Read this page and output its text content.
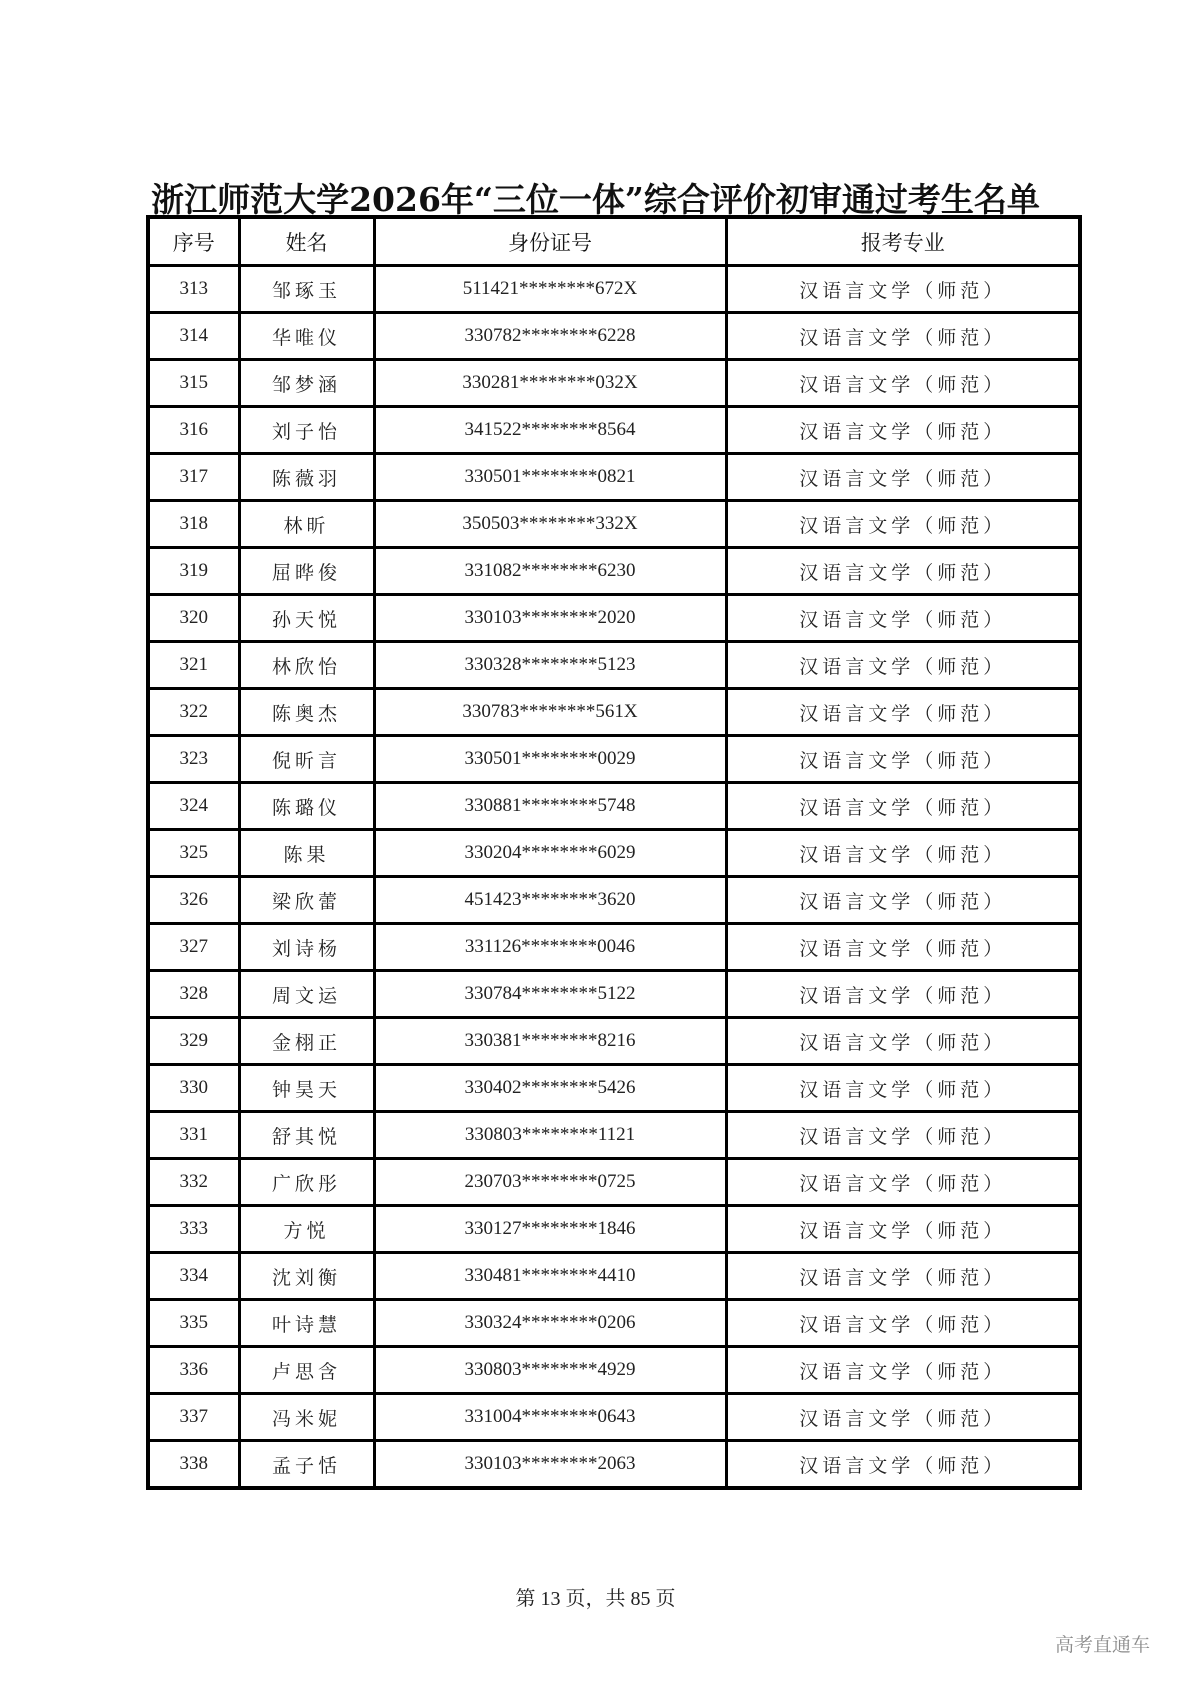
浙江师范大学2026年“三位一体”综合评价初审通过考生名单
序号	姓名	身份证号	报考专业
313	邹琢玉	511421********672X	汉语言文学（师范）
314	华唯仪	330782********6228	汉语言文学（师范）
315	邹梦涵	330281********032X	汉语言文学（师范）
316	刘子怡	341522********8564	汉语言文学（师范）
317	陈薇羽	330501********0821	汉语言文学（师范）
318	林昕	350503********332X	汉语言文学（师范）
319	屈晔俊	331082********6230	汉语言文学（师范）
320	孙天悦	330103********2020	汉语言文学（师范）
321	林欣怡	330328********5123	汉语言文学（师范）
322	陈奥杰	330783********561X	汉语言文学（师范）
323	倪昕言	330501********0029	汉语言文学（师范）
324	陈璐仪	330881********5748	汉语言文学（师范）
325	陈果	330204********6029	汉语言文学（师范）
326	梁欣蕾	451423********3620	汉语言文学（师范）
327	刘诗杨	331126********0046	汉语言文学（师范）
328	周文运	330784********5122	汉语言文学（师范）
329	金栩正	330381********8216	汉语言文学（师范）
330	钟昊天	330402********5426	汉语言文学（师范）
331	舒其悦	330803********1121	汉语言文学（师范）
332	广欣彤	230703********0725	汉语言文学（师范）
333	方悦	330127********1846	汉语言文学（师范）
334	沈刘衡	330481********4410	汉语言文学（师范）
335	叶诗慧	330324********0206	汉语言文学（师范）
336	卢思含	330803********4929	汉语言文学（师范）
337	冯米妮	331004********0643	汉语言文学（师范）
338	孟子恬	330103********2063	汉语言文学（师范）
第 13 页，共 85 页
高考直通车
